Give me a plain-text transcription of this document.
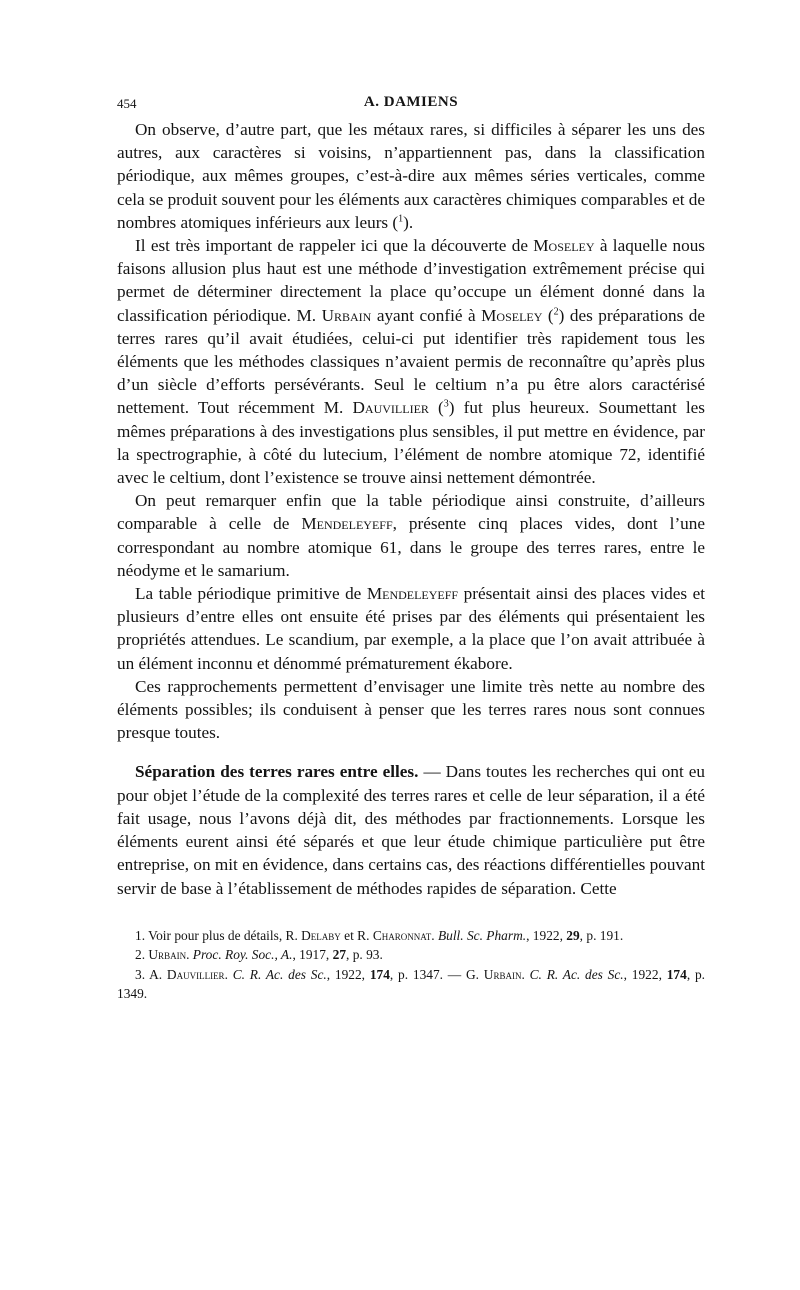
454	A. DAMIENS

On observe, d’autre part, que les métaux rares, si difficiles à séparer les uns des autres, aux caractères si voisins, n’appartiennent pas, dans la classification périodique, aux mêmes groupes, c’est-à-dire aux mêmes séries verticales, comme cela se produit souvent pour les éléments aux caractères chimiques comparables et de nombres atomiques inférieurs aux leurs ($^1$).

Il est très important de rappeler ici que la découverte de Moseley à laquelle nous faisons allusion plus haut est une méthode d’investigation extrêmement précise qui permet de déterminer directement la place qu’occupe un élément donné dans la classification périodique. M. Urbain ayant confié à Moseley ($^2$) des préparations de terres rares qu’il avait étudiées, celui-ci put identifier très rapidement tous les éléments que les méthodes classiques n’avaient permis de reconnaître qu’après plus d’un siècle d’efforts persévérants. Seul le celtium n’a pu être alors caractérisé nettement. Tout récemment M. Dauvillier ($^3$) fut plus heureux. Soumettant les mêmes préparations à des investigations plus sensibles, il put mettre en évidence, par la spectrographie, à côté du lutecium, l’élément de nombre atomique 72, identifié avec le celtium, dont l’existence se trouve ainsi nettement démontrée.

On peut remarquer enfin que la table périodique ainsi construite, d’ailleurs comparable à celle de Mendeleyeff, présente cinq places vides, dont l’une correspondant au nombre atomique 61, dans le groupe des terres rares, entre le néodyme et le samarium.

La table périodique primitive de Mendeleyeff présentait ainsi des places vides et plusieurs d’entre elles ont ensuite été prises par des éléments qui présentaient les propriétés attendues. Le scandium, par exemple, a la place que l’on avait attribuée à un élément inconnu et dénommé prématurement ékabore.

Ces rapprochements permettent d’envisager une limite très nette au nombre des éléments possibles; ils conduisent à penser que les terres rares nous sont connues presque toutes.

Séparation des terres rares entre elles. — Dans toutes les recherches qui ont eu pour objet l’étude de la complexité des terres rares et celle de leur séparation, il a été fait usage, nous l’avons déjà dit, des méthodes par fractionnements. Lorsque les éléments eurent ainsi été séparés et que leur étude chimique particulière put être entreprise, on mit en évidence, dans certains cas, des réactions différentielles pouvant servir de base à l’établissement de méthodes rapides de séparation. Cette

1. Voir pour plus de détails, R. Delaby et R. Charonnat. Bull. Sc. Pharm., 1922, 29, p. 191.

2. Urbain. Proc. Roy. Soc., A., 1917, 27, p. 93.

3. A. Dauvillier. C. R. Ac. des Sc., 1922, 174, p. 1347. — G. Urbain. C. R. Ac. des Sc., 1922, 174, p. 1349.
